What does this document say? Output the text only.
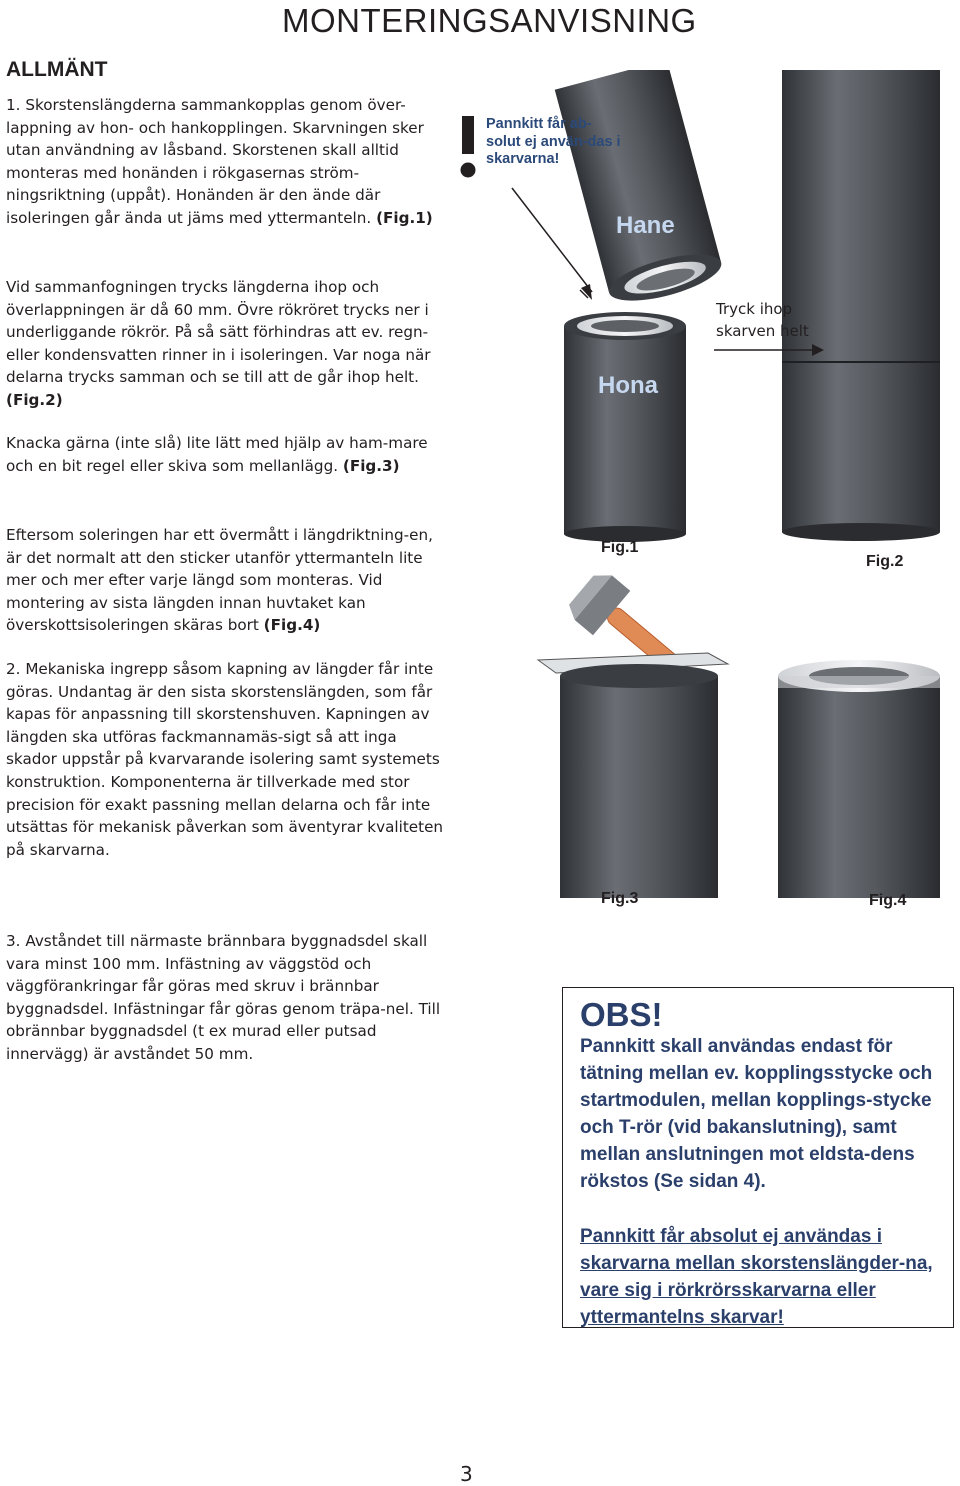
MONTERINGSANVISNING
ALLMÄNT

1. Skorstenslängderna sammankopplas genom över-lappning av hon- och hankopplingen. Skarvningen sker utan användning av låsband. Skorstenen skall alltid monteras med honänden i rökgasernas ström-ningsriktning (uppåt). Honänden är den ände där isoleringen går ända ut jäms med yttermanteln. (Fig.1)

Vid sammanfogningen trycks längderna ihop och överlappningen är då 60 mm. Övre rökröret trycks ner i underliggande rökrör. På så sätt förhindras att ev. regn- eller kondensvatten rinner in i isoleringen. Var noga när delarna trycks samman och se till att de går ihop helt. (Fig.2)

Knacka gärna (inte slå) lite lätt med hjälp av ham-mare och en bit regel eller skiva som mellanlägg. (Fig.3)

Eftersom soleringen har ett övermått i längdriktning-en, är det normalt att den sticker utanför yttermanteln lite mer och mer efter varje längd som monteras. Vid montering av sista längden innan huvtaket kan överskottsisoleringen skäras bort (Fig.4)

2. Mekaniska ingrepp såsom kapning av längder får inte göras. Undantag är den sista skorstenslängden, som får kapas för anpassning till skorstenshuven. Kapningen av längden ska utföras fackmannamäs-sigt så att inga skador uppstår på kvarvarande isolering samt systemets konstruktion. Komponenterna är tillverkade med stor precision för exakt passning mellan delarna och får inte utsättas för mekanisk påverkan som äventyrar kvaliteten på skarvarna.

3. Avståndet till närmaste brännbara byggnadsdel skall vara minst 100 mm. Infästning av väggstöd och väggförankringar får göras med skruv i brännbar byggnadsdel. Infästningar får göras genom träpa-nel. Till obrännbar byggnadsdel (t ex murad eller putsad innervägg) är avståndet 50 mm.

Pannkitt får ab-solut ej använ-das i skarvarna!
Hane
Hona
Tryck ihop skarven helt
Fig.1
Fig.2
Fig.3	Fig.4
OBS!
Pannkitt skall användas endast för tätning mellan ev. kopplingsstycke och startmodulen, mellan kopplings-stycke och T-rör (vid bakanslutning), samt mellan anslutningen mot eldsta-dens rökstos (Se sidan 4).
Pannkitt får absolut ej användas i skarvarna mellan skorstenslängder-na, vare sig i rörkrörsskarvarna eller yttermantelns skarvar!
3
